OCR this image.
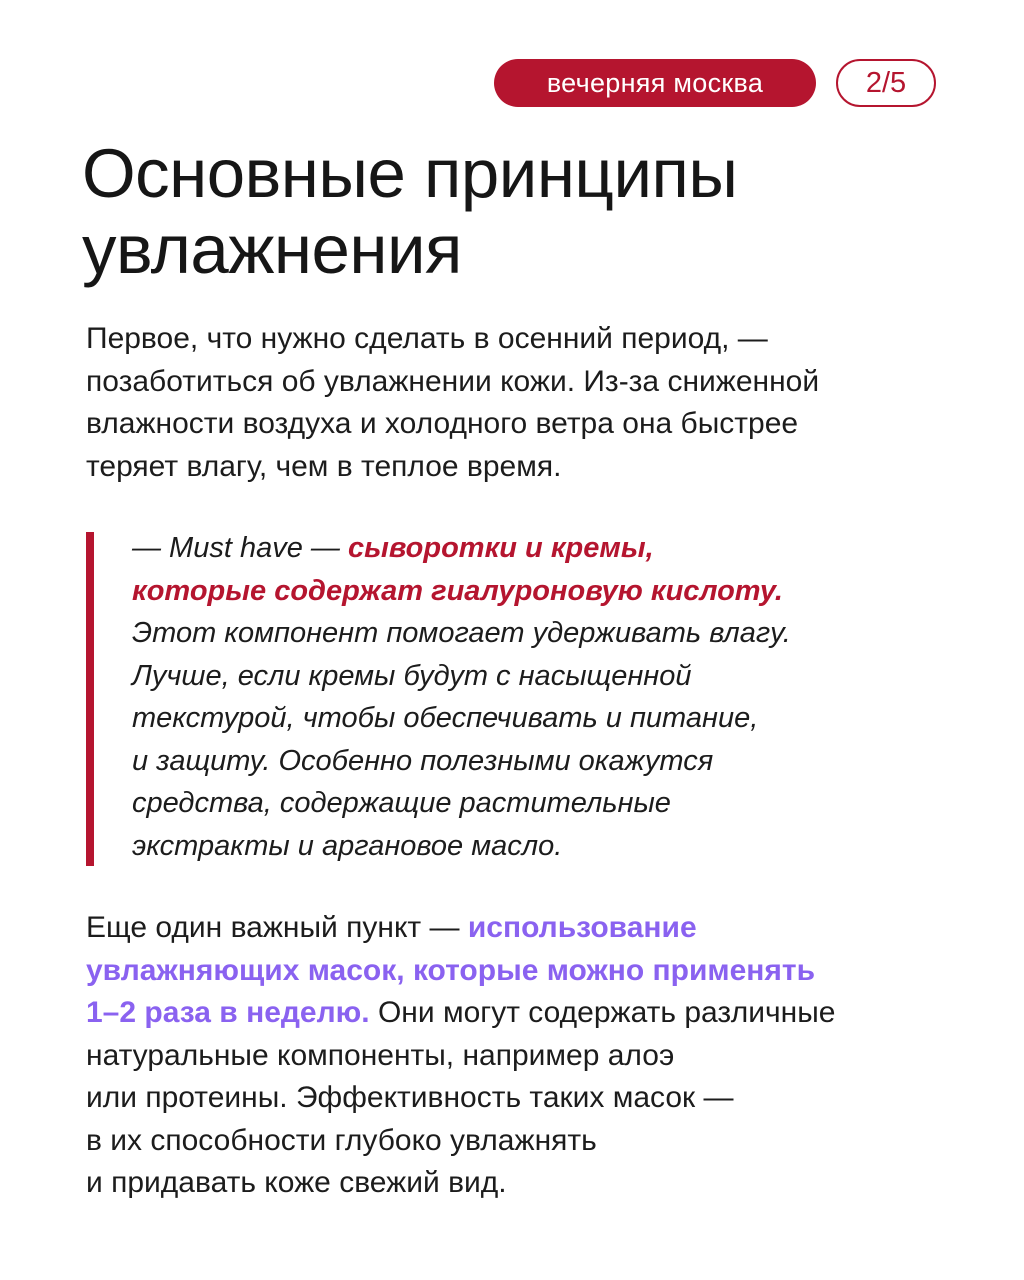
вечерняя москва	2/5
Основные принципы
увлажнения

Первое, что нужно сделать в осенний период, —
позаботиться об увлажнении кожи. Из-за сниженной
влажности воздуха и холодного ветра она быстрее
теряет влагу, чем в теплое время.

— Must have — сыворотки и кремы,
которые содержат гиалуроновую кислоту.
Этот компонент помогает удерживать влагу.
Лучше, если кремы будут с насыщенной
текстурой, чтобы обеспечивать и питание,
и защиту. Особенно полезными окажутся
средства, содержащие растительные
экстракты и аргановое масло.

Еще один важный пункт — использование
увлажняющих масок, которые можно применять
1–2 раза в неделю. Они могут содержать различные
натуральные компоненты, например алоэ
или протеины. Эффективность таких масок —
в их способности глубоко увлажнять
и придавать коже свежий вид.
